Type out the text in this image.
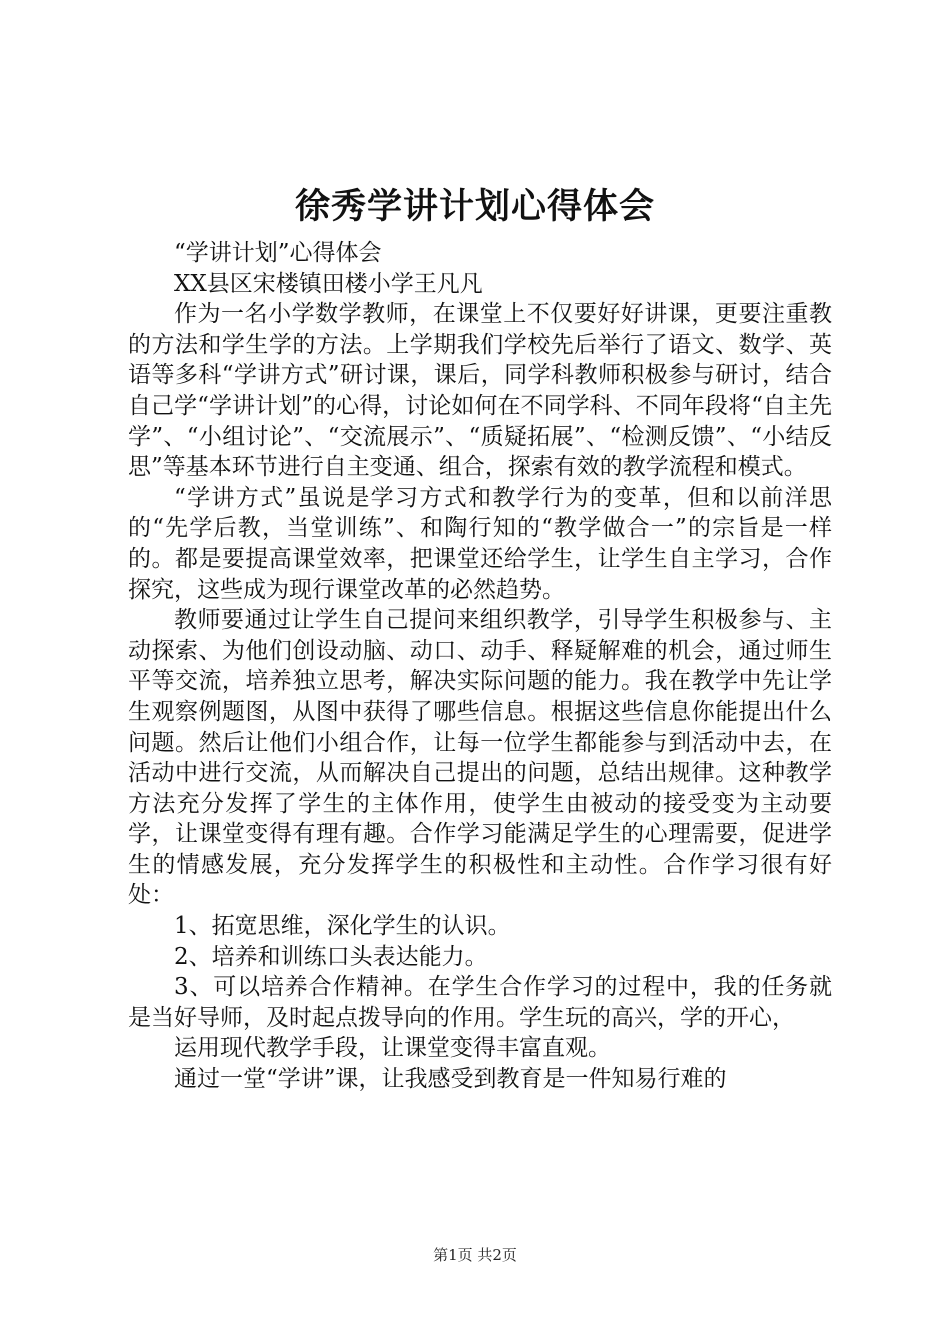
徐秀学讲计划心得体会

“学讲计划”心得体会

XX县区宋楼镇田楼小学王凡凡

作为一名小学数学教师，在课堂上不仅要好好讲课，更要注重教的方法和学生学的方法。上学期我们学校先后举行了语文、数学、英语等多科“学讲方式”研讨课，课后，同学科教师积极参与研讨，结合自己学“学讲计划”的心得，讨论如何在不同学科、不同年段将“自主先学”、“小组讨论”、“交流展示”、“质疑拓展”、“检测反馈”、“小结反思”等基本环节进行自主变通、组合，探索有效的教学流程和模式。

“学讲方式”虽说是学习方式和教学行为的变革，但和以前洋思的“先学后教，当堂训练”、和陶行知的“教学做合一”的宗旨是一样的。都是要提高课堂效率，把课堂还给学生，让学生自主学习，合作探究，这些成为现行课堂改革的必然趋势。

教师要通过让学生自己提问来组织教学，引导学生积极参与、主动探索、为他们创设动脑、动口、动手、释疑解难的机会，通过师生平等交流，培养独立思考，解决实际问题的能力。我在教学中先让学生观察例题图，从图中获得了哪些信息。根据这些信息你能提出什么问题。然后让他们小组合作，让每一位学生都能参与到活动中去，在活动中进行交流，从而解决自己提出的问题，总结出规律。这种教学方法充分发挥了学生的主体作用，使学生由被动的接受变为主动要学，让课堂变得有理有趣。合作学习能满足学生的心理需要，促进学生的情感发展，充分发挥学生的积极性和主动性。合作学习很有好处：

1、拓宽思维，深化学生的认识。

2、培养和训练口头表达能力。

3、可以培养合作精神。在学生合作学习的过程中，我的任务就是当好导师，及时起点拨导向的作用。学生玩的高兴，学的开心，

运用现代教学手段，让课堂变得丰富直观。

通过一堂“学讲”课，让我感受到教育是一件知易行难的

第1页 共2页
